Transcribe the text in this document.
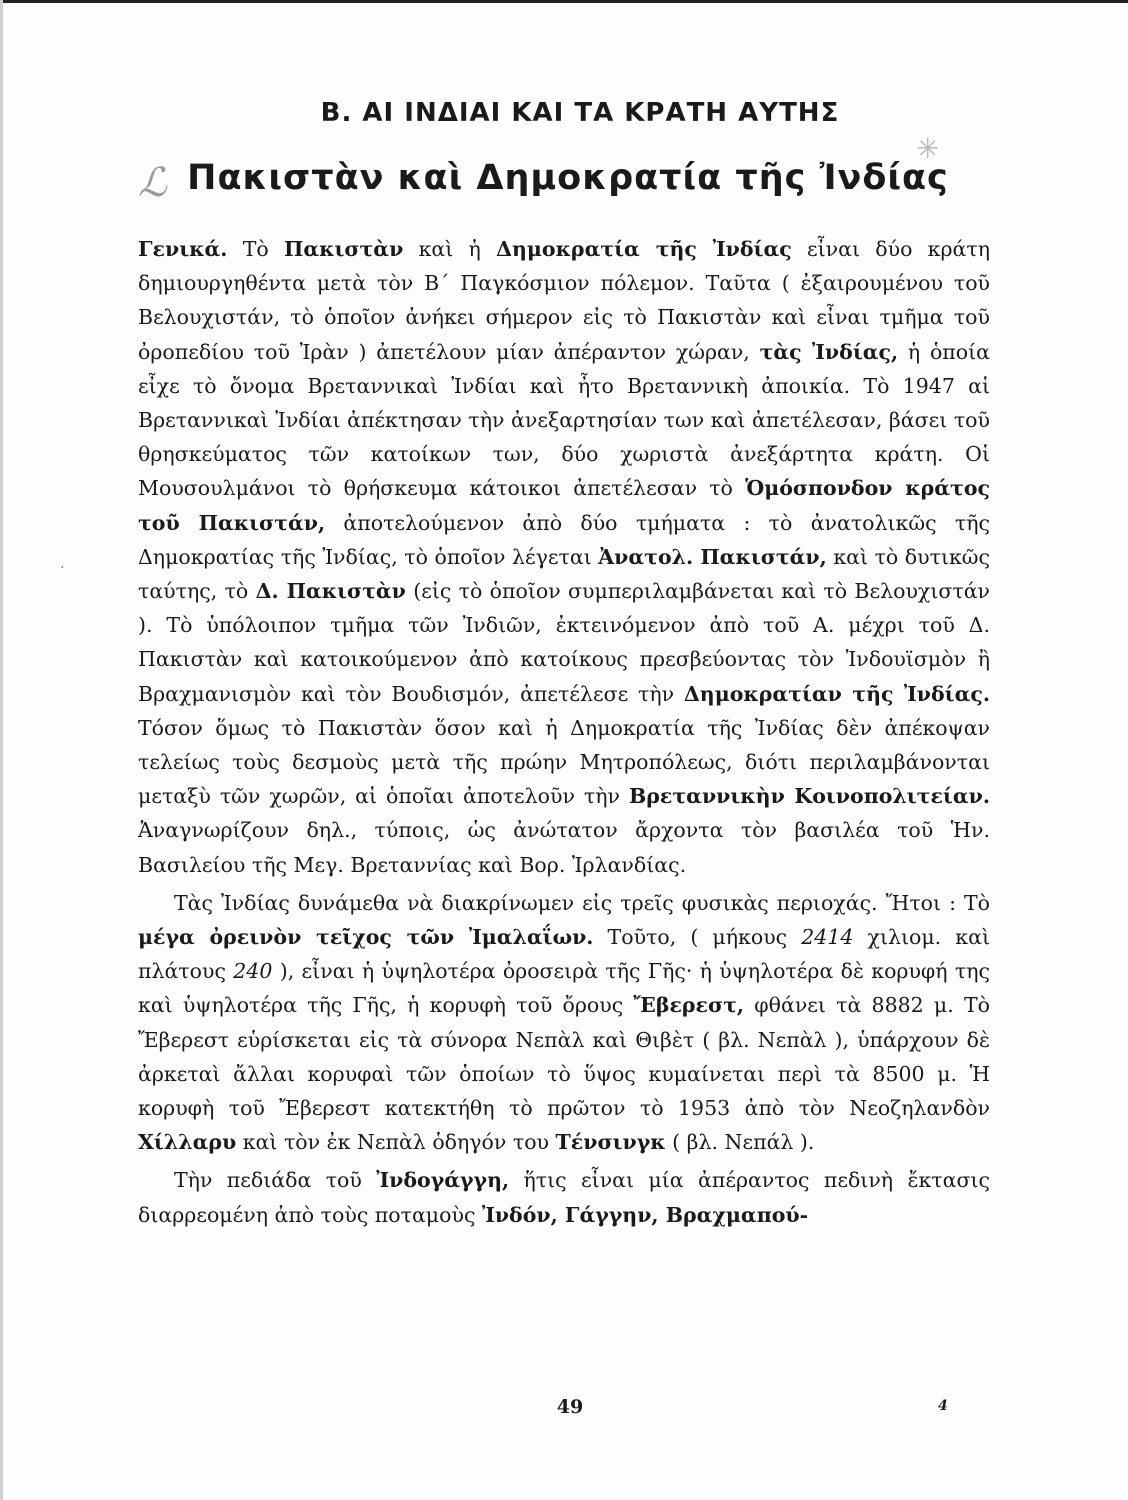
Β. ΑΙ ΙΝΔΙΑΙ ΚΑΙ ΤΑ ΚΡΑΤΗ ΑΥΤΗΣ
ℒ
✳
Πακιστὰν καὶ Δημοκρατία τῆς Ἰνδίας
·

Γενικά. Τὸ Πακιστὰν καὶ ἡ Δημοκρατία τῆς Ἰνδίας εἶναι δύο κράτη δημιουργηθέντα μετὰ τὸν Β΄ Παγκόσμιον πόλεμον. Ταῦτα ( ἐξαιρουμένου τοῦ Βελουχιστάν, τὸ ὁποῖον ἀνήκει σήμερον εἰς τὸ Πακιστὰν καὶ εἶναι τμῆμα τοῦ ὀροπεδίου τοῦ Ἰρὰν ) ἀπετέλουν μίαν ἀπέραντον χώραν, τὰς Ἰνδίας, ἡ ὁποία εἶχε τὸ ὄνομα Βρεταννικαὶ Ἰνδίαι καὶ ἦτο Βρεταννικὴ ἀποικία. Τὸ 1947 αἱ Βρεταννικαὶ Ἰνδίαι ἀπέκτησαν τὴν ἀνεξαρτησίαν των καὶ ἀπετέλεσαν, βάσει τοῦ θρησκεύματος τῶν κατοίκων των, δύο χωριστὰ ἀνεξάρτητα κράτη. Οἱ Μουσουλμάνοι τὸ θρήσκευμα κάτοικοι ἀπετέλεσαν τὸ Ὁμόσπονδον κράτος τοῦ Πακιστάν, ἀποτελούμενον ἀπὸ δύο τμήματα : τὸ ἀνατολικῶς τῆς Δημοκρατίας τῆς Ἰνδίας, τὸ ὁποῖον λέγεται Ἀνατολ. Πακιστάν, καὶ τὸ δυτικῶς ταύτης, τὸ Δ. Πακιστὰν (εἰς τὸ ὁποῖον συμπεριλαμβάνεται καὶ τὸ Βελουχιστάν ). Τὸ ὑπόλοιπον τμῆμα τῶν Ἰνδιῶν, ἐκτεινόμενον ἀπὸ τοῦ Α. μέχρι τοῦ Δ. Πακιστὰν καὶ κατοικούμενον ἀπὸ κατοίκους πρεσβεύοντας τὸν Ἰνδουϊσμὸν ἢ Βραχμανισμὸν καὶ τὸν Βουδισμόν, ἀπετέλεσε τὴν Δημοκρατίαν τῆς Ἰνδίας. Τόσον ὅμως τὸ Πακιστὰν ὅσον καὶ ἡ Δημοκρατία τῆς Ἰνδίας δὲν ἀπέκοψαν τελείως τοὺς δεσμοὺς μετὰ τῆς πρώην Μητροπόλεως, διότι περιλαμβάνονται μεταξὺ τῶν χωρῶν, αἱ ὁποῖαι ἀποτελοῦν τὴν Βρεταννικὴν Κοινοπολιτείαν. Ἀναγνωρίζουν δηλ., τύποις, ὡς ἀνώτατον ἄρχοντα τὸν βασιλέα τοῦ Ἡν. Βασιλείου τῆς Μεγ. Βρεταννίας καὶ Βορ. Ἰρλανδίας.

Τὰς Ἰνδίας δυνάμεθα νὰ διακρίνωμεν εἰς τρεῖς φυσικὰς περιοχάς. Ἤτοι : Τὸ μέγα ὀρεινὸν τεῖχος τῶν Ἰμαλαΐων. Τοῦτο, ( μήκους 2414 χιλιομ. καὶ πλάτους 240 ), εἶναι ἡ ὑψηλοτέρα ὀροσειρὰ τῆς Γῆς· ἡ ὑψηλοτέρα δὲ κορυφή της καὶ ὑψηλοτέρα τῆς Γῆς, ἡ κορυφὴ τοῦ ὄρους Ἔβερεστ, φθάνει τὰ 8882 μ. Τὸ Ἔβερεστ εὑρίσκεται εἰς τὰ σύνορα Νεπὰλ καὶ Θιβὲτ ( βλ. Νεπὰλ ), ὑπάρχουν δὲ ἀρκεταὶ ἄλλαι κορυφαὶ τῶν ὁποίων τὸ ὕψος κυμαίνεται περὶ τὰ 8500 μ. Ἡ κορυφὴ τοῦ Ἔβερεστ κατεκτήθη τὸ πρῶτον τὸ 1953 ἀπὸ τὸν Νεοζηλανδὸν Χίλλαρυ καὶ τὸν ἐκ Νεπὰλ ὁδηγόν του Τένσινγκ ( βλ. Νεπάλ ).

Τὴν πεδιάδα τοῦ Ἰνδογάγγη, ἥτις εἶναι μία ἀπέραντος πεδινὴ ἔκτασις διαρρεομένη ἀπὸ τοὺς ποταμοὺς Ἰνδόν, Γάγγην, Βραχμαπού-

49	4
